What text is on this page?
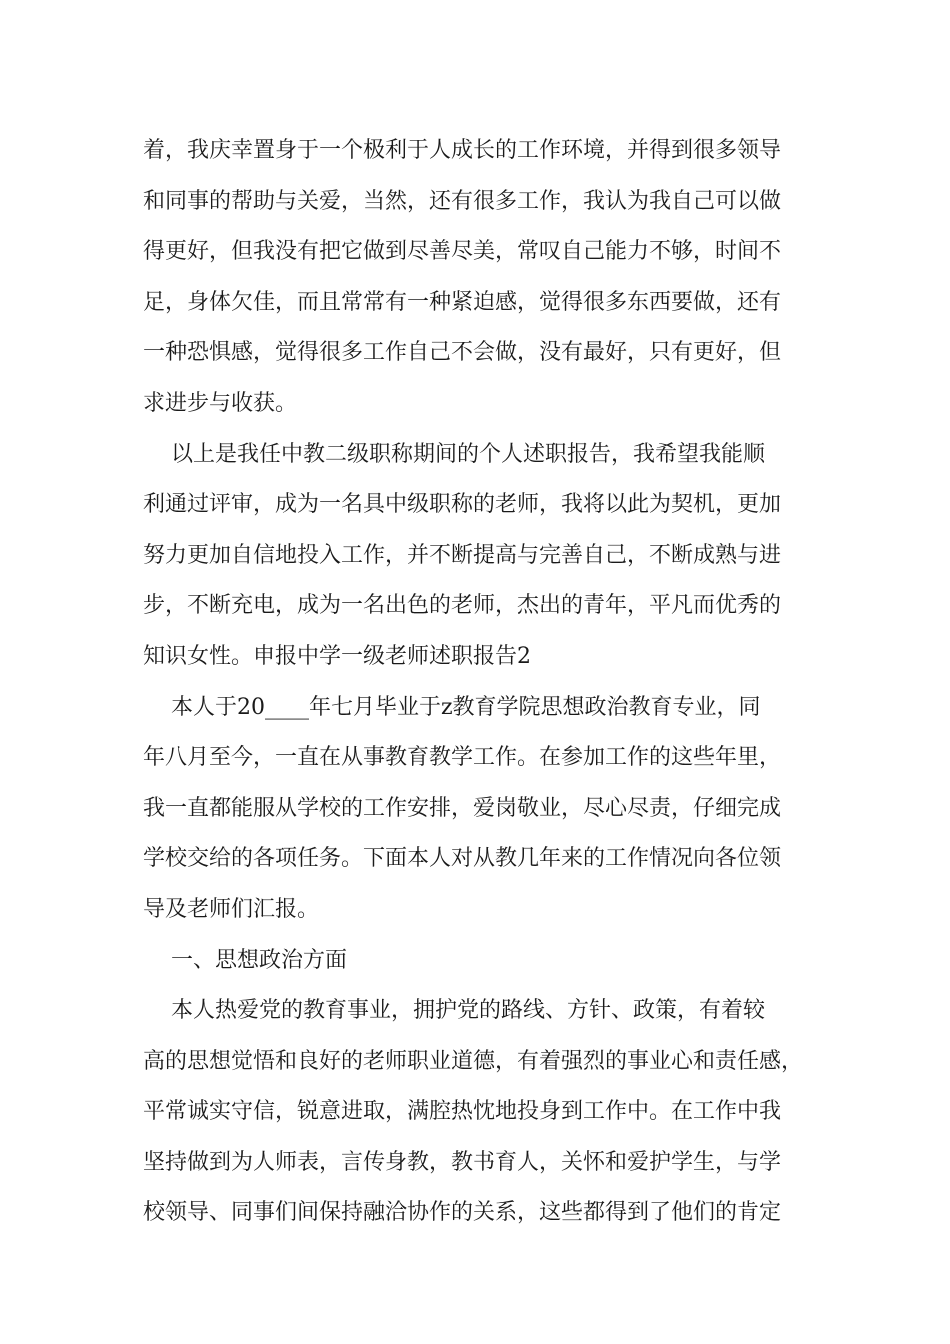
着，我庆幸置身于一个极利于人成长的工作环境，并得到很多领导
和同事的帮助与关爱，当然，还有很多工作，我认为我自己可以做
得更好，但我没有把它做到尽善尽美，常叹自己能力不够，时间不
足，身体欠佳，而且常常有一种紧迫感，觉得很多东西要做，还有
一种恐惧感，觉得很多工作自己不会做，没有最好，只有更好，但
求进步与收获。
以上是我任中教二级职称期间的个人述职报告，我希望我能顺
利通过评审，成为一名具中级职称的老师，我将以此为契机，更加
努力更加自信地投入工作，并不断提高与完善自己，不断成熟与进
步，不断充电，成为一名出色的老师，杰出的青年，平凡而优秀的
知识女性。申报中学一级老师述职报告2
本人于20____年七月毕业于z教育学院思想政治教育专业，同
年八月至今，一直在从事教育教学工作。在参加工作的这些年里，
我一直都能服从学校的工作安排，爱岗敬业，尽心尽责，仔细完成
学校交给的各项任务。下面本人对从教几年来的工作情况向各位领
导及老师们汇报。
一、思想政治方面
本人热爱党的教育事业，拥护党的路线、方针、政策，有着较
高的思想觉悟和良好的老师职业道德，有着强烈的事业心和责任感，
平常诚实守信，锐意进取，满腔热忱地投身到工作中。在工作中我
坚持做到为人师表，言传身教，教书育人，关怀和爱护学生，与学
校领导、同事们间保持融洽协作的关系，这些都得到了他们的肯定
